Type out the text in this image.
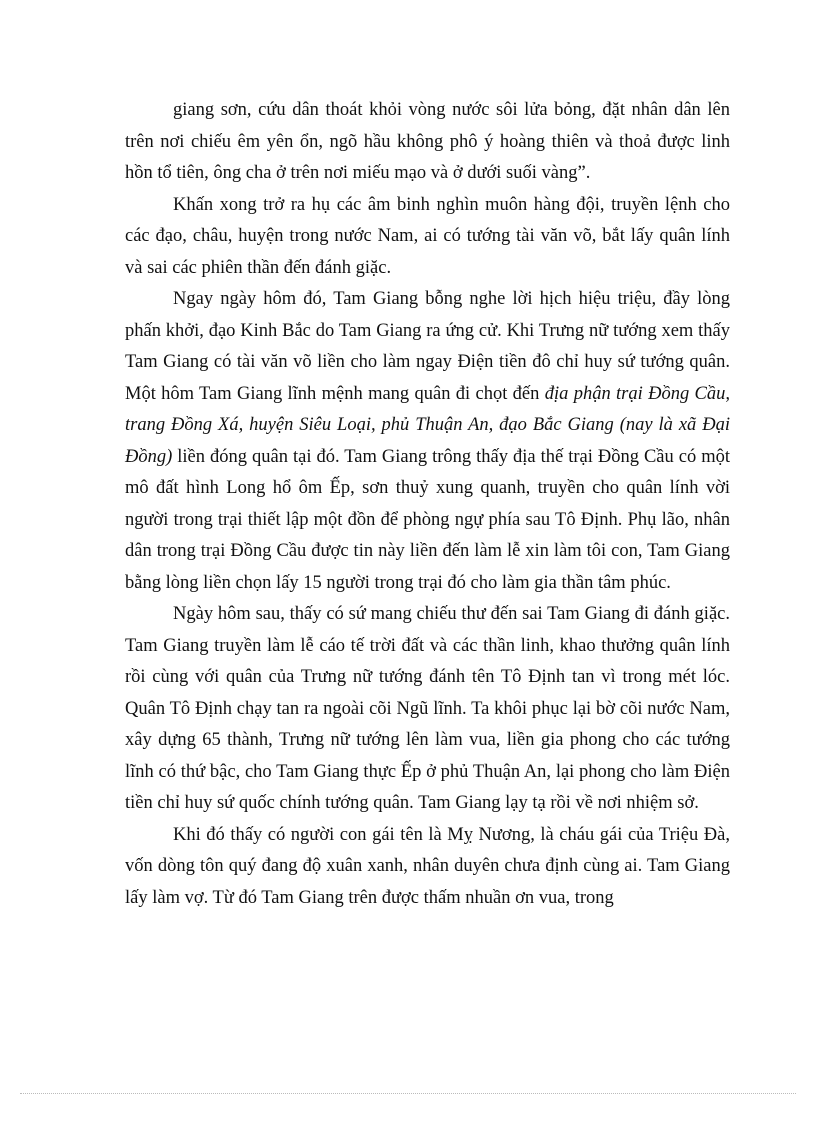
giang sơn, cứu dân thoát khỏi vòng nước sôi lửa bỏng, đặt nhân dân lên trên nơi chiếu êm yên ổn, ngõ hầu không phô ý hoàng thiên và thoả được linh hồn tổ tiên, ông cha ở trên nơi miếu mạo và ở dưới suối vàng”.

Khấn xong trở ra hụ các âm binh nghìn muôn hàng đội, truyền lệnh cho các đạo, châu, huyện trong nước Nam, ai có tướng tài văn võ, bắt lấy quân lính và sai các phiên thần đến đánh giặc.

Ngay ngày hôm đó, Tam Giang bỗng nghe lời hịch hiệu triệu, đầy lòng phấn khởi, đạo Kinh Bắc do Tam Giang ra ứng cử. Khi Trưng nữ tướng xem thấy Tam Giang có tài văn võ liền cho làm ngay Điện tiền đô chỉ huy sứ tướng quân. Một hôm Tam Giang lĩnh mệnh mang quân đi chọt đến địa phận trại Đồng Cầu, trang Đồng Xá, huyện Siêu Loại, phủ Thuận An, đạo Bắc Giang (nay là xã Đại Đồng) liền đóng quân tại đó. Tam Giang trông thấy địa thế trại Đồng Cầu có một mô đất hình Long hổ ôm Ếp, sơn thuỷ xung quanh, truyền cho quân lính vời người trong trại thiết lập một đồn để phòng ngự phía sau Tô Định. Phụ lão, nhân dân trong trại Đồng Cầu được tin này liền đến làm lễ xin làm tôi con, Tam Giang bằng lòng liền chọn lấy 15 người trong trại đó cho làm gia thần tâm phúc.

Ngày hôm sau, thấy có sứ mang chiếu thư đến sai Tam Giang đi đánh giặc. Tam Giang truyền làm lễ cáo tế trời đất và các thần linh, khao thưởng quân lính rồi cùng với quân của Trưng nữ tướng đánh tên Tô Định tan vì trong mét lóc. Quân Tô Định chạy tan ra ngoài cõi Ngũ lĩnh. Ta khôi phục lại bờ cõi nước Nam, xây dựng 65 thành, Trưng nữ tướng lên làm vua, liền gia phong cho các tướng lĩnh có thứ bậc, cho Tam Giang thực Ếp ở phủ Thuận An, lại phong cho làm Điện tiền chỉ huy sứ quốc chính tướng quân. Tam Giang lạy tạ rồi về nơi nhiệm sở.

Khi đó thấy có người con gái tên là Mỵ Nương, là cháu gái của Triệu Đà, vốn dòng tôn quý đang độ xuân xanh, nhân duyên chưa định cùng ai. Tam Giang lấy làm vợ. Từ đó Tam Giang trên được thấm nhuần ơn vua, trong
